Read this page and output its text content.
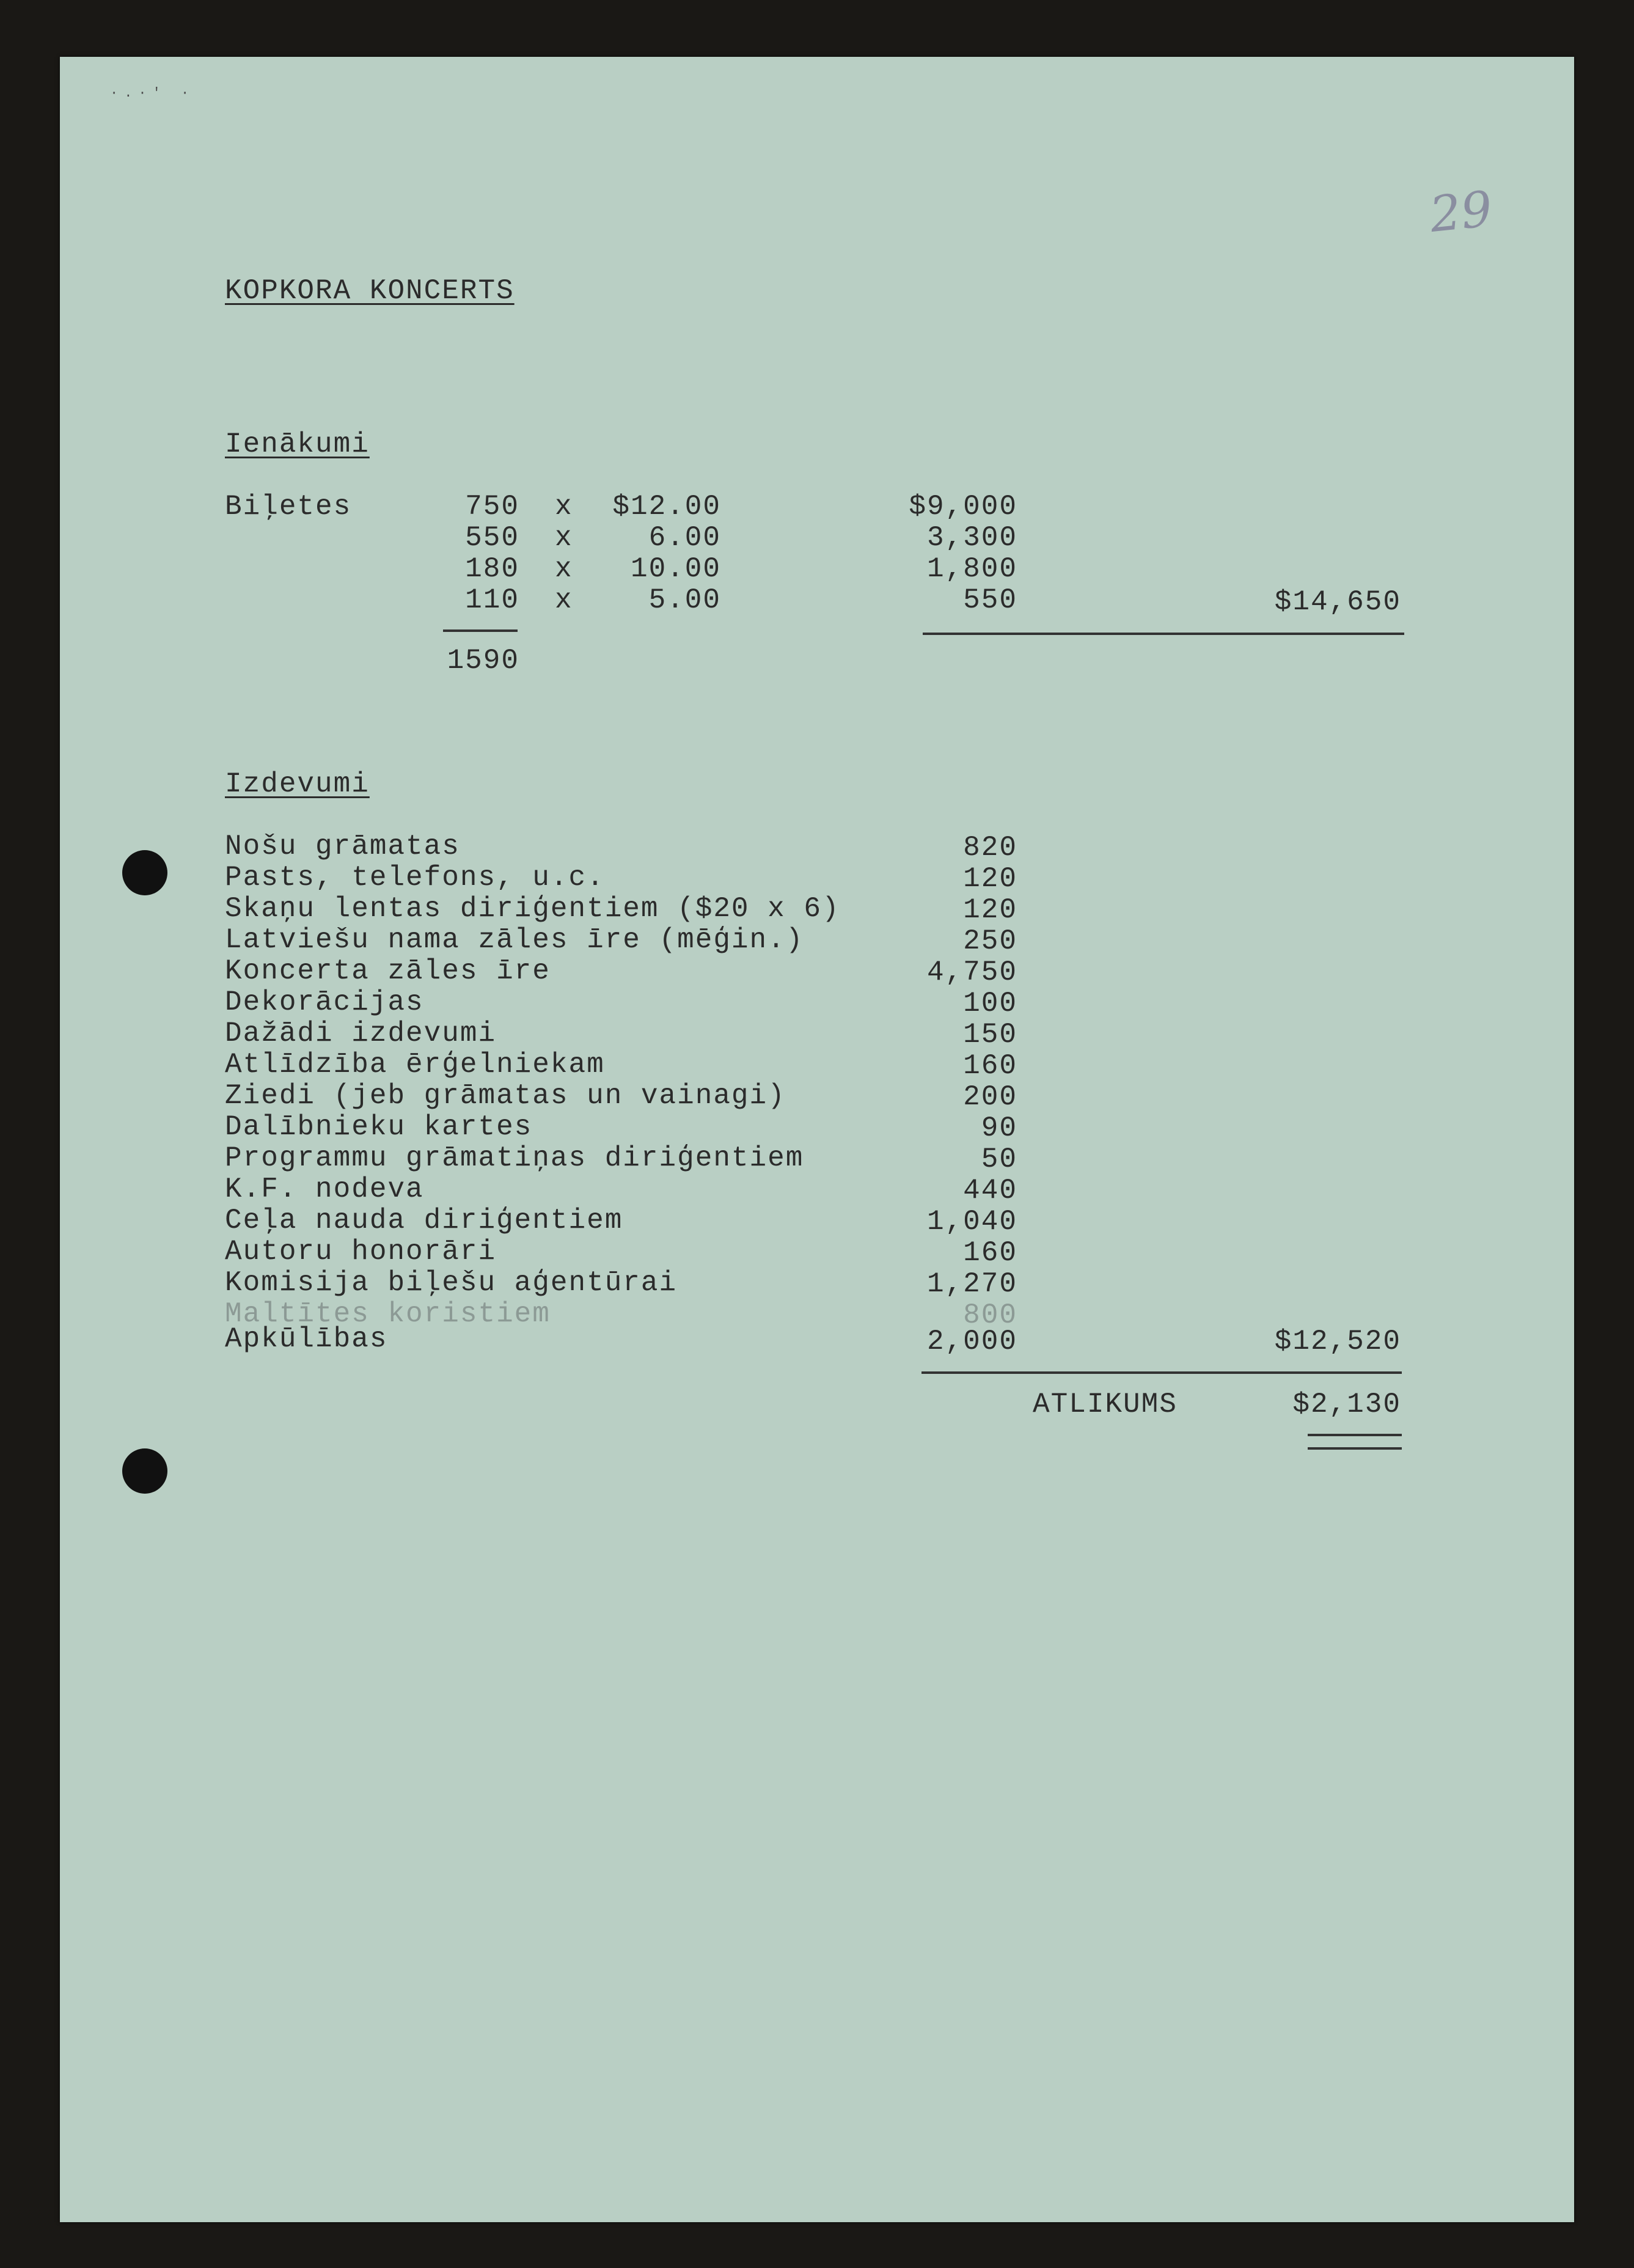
·.·' ·
29
KOPKORA KONCERTS
Ienākumi
Biļetes	750 x	$12.00	$9,000
550 x	6.00	3,300
180 x	10.00	1,800
110 x	5.00	550	$14,650
1590
Izdevumi
Nošu grāmatas	820
Pasts, telefons, u.c.	120
Skaņu lentas diriģentiem ($20 x 6)	120
Latviešu nama zāles īre (mēģin.)	250
Koncerta zāles īre	4,750
Dekorācijas	100
Dažādi izdevumi	150
Atlīdzība ērģelniekam	160
Ziedi (jeb grāmatas un vainagi)	200
Dalībnieku kartes	90
Programmu grāmatiņas diriģentiem	50
K.F. nodeva	440
Ceļa nauda diriģentiem	1,040
Autoru honorāri	160
Komisija biļešu aģentūrai	1,270
Maltītes koristiem	800
Apkūlības	2,000	$12,520
ATLIKUMS	$2,130
